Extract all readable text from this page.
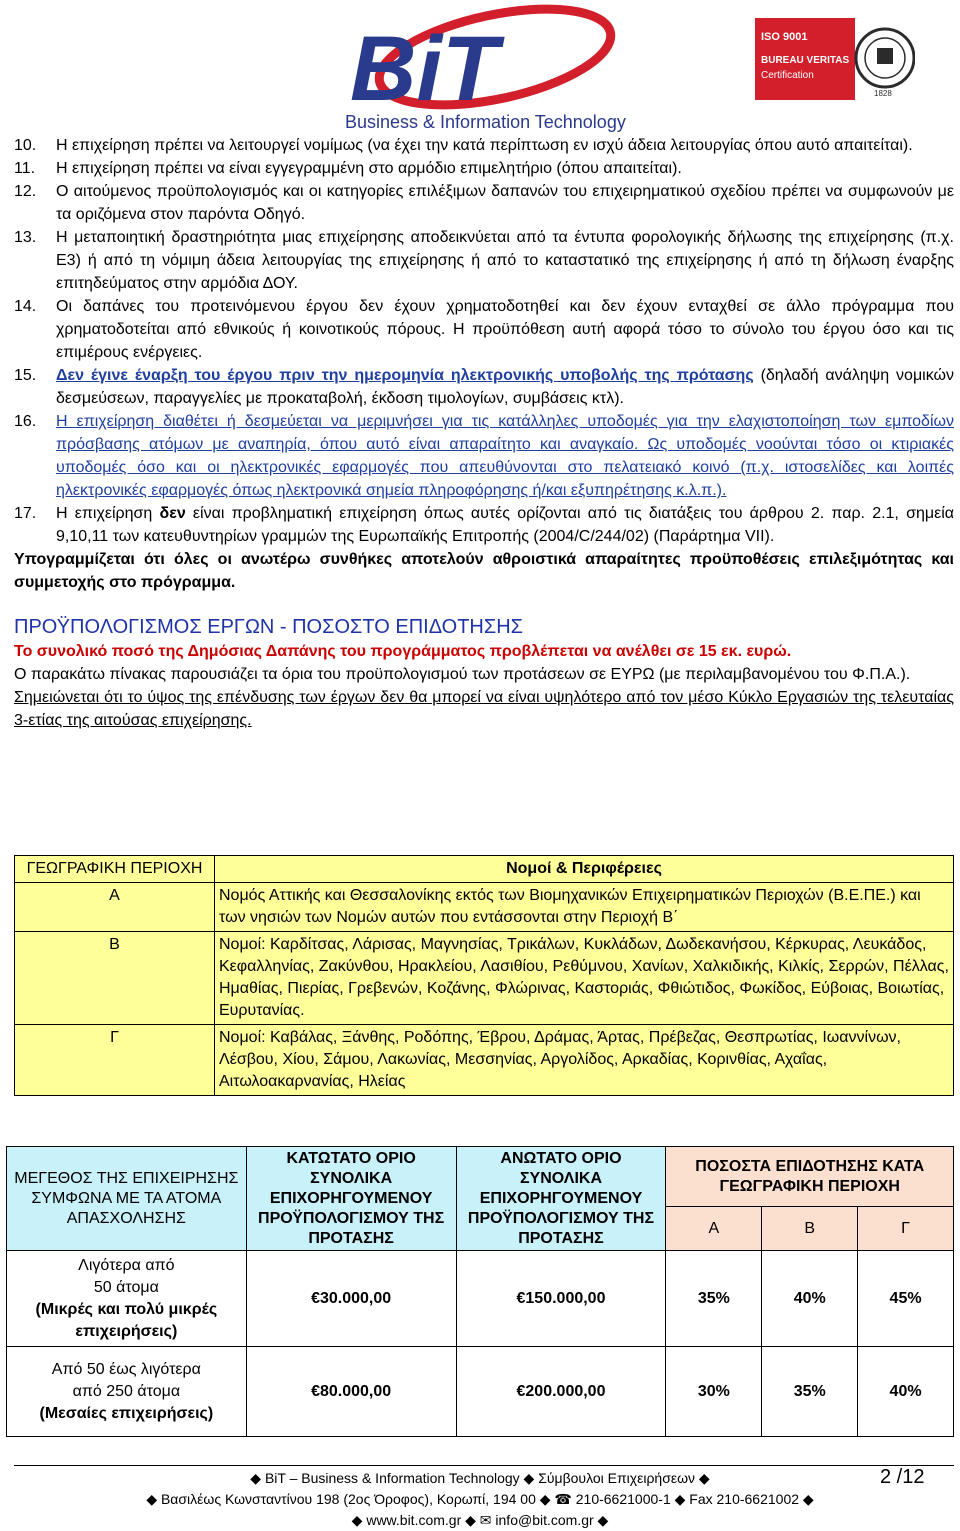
BiT
Business & Information Technology
ISO 9001
BUREAU VERITAS
Certification
1828
10.	Η επιχείρηση πρέπει να λειτουργεί νομίμως (να έχει την κατά περίπτωση εν ισχύ άδεια λειτουργίας όπου αυτό απαιτείται).
11.	Η επιχείρηση πρέπει να είναι εγγεγραμμένη στο αρμόδιο επιμελητήριο (όπου απαιτείται).
12.	Ο αιτούμενος προϋπολογισμός και οι κατηγορίες επιλέξιμων δαπανών του επιχειρηματικού σχεδίου πρέπει να συμφωνούν με τα οριζόμενα στον παρόντα Οδηγό.
13.	Η μεταποιητική δραστηριότητα μιας επιχείρησης αποδεικνύεται από τα έντυπα φορολογικής δήλωσης της επιχείρησης (π.χ. Ε3) ή από τη νόμιμη άδεια λειτουργίας της επιχείρησης ή από το καταστατικό της επιχείρησης ή από τη δήλωση έναρξης επιτηδεύματος στην αρμόδια ΔΟΥ.
14.	Οι δαπάνες του προτεινόμενου έργου δεν έχουν χρηματοδοτηθεί και δεν έχουν ενταχθεί σε άλλο πρόγραμμα που χρηματοδοτείται από εθνικούς ή κοινοτικούς πόρους. Η προϋπόθεση αυτή αφορά τόσο το σύνολο του έργου όσο και τις επιμέρους ενέργειες.
15.	Δεν έγινε έναρξη του έργου πριν την ημερομηνία ηλεκτρονικής υποβολής της πρότασης (δηλαδή ανάληψη νομικών δεσμεύσεων, παραγγελίες με προκαταβολή, έκδοση τιμολογίων, συμβάσεις κτλ).
16.	Η επιχείρηση διαθέτει ή δεσμεύεται να μεριμνήσει για τις κατάλληλες υποδομές για την ελαχιστοποίηση των εμποδίων πρόσβασης ατόμων με αναπηρία, όπου αυτό είναι απαραίτητο και αναγκαίο. Ως υποδομές νοούνται τόσο οι κτιριακές υποδομές όσο και οι ηλεκτρονικές εφαρμογές που απευθύνονται στο πελατειακό κοινό (π.χ. ιστοσελίδες και λοιπές ηλεκτρονικές εφαρμογές όπως ηλεκτρονικά σημεία πληροφόρησης ή/και εξυπηρέτησης κ.λ.π.).
17.	Η επιχείρηση δεν είναι προβληματική επιχείρηση όπως αυτές ορίζονται από τις διατάξεις του άρθρου 2. παρ. 2.1, σημεία 9,10,11 των κατευθυντηρίων γραμμών της Ευρωπαϊκής Επιτροπής (2004/C/244/02) (Παράρτημα VII).
Υπογραμμίζεται ότι όλες οι ανωτέρω συνθήκες αποτελούν αθροιστικά απαραίτητες προϋποθέσεις επιλεξιμότητας και συμμετοχής στο πρόγραμμα.
ΠΡΟΫΠΟΛΟΓΙΣΜΟΣ ΕΡΓΩΝ - ΠΟΣΟΣΤΟ ΕΠΙΔΟΤΗΣΗΣ
Το συνολικό ποσό της Δημόσιας Δαπάνης του προγράμματος προβλέπεται να ανέλθει σε 15 εκ. ευρώ.
Ο παρακάτω πίνακας παρουσιάζει τα όρια του προϋπολογισμού των προτάσεων σε ΕΥΡΩ (με περιλαμβανομένου του Φ.Π.Α.).
Σημειώνεται ότι το ύψος της επένδυσης των έργων δεν θα μπορεί να είναι υψηλότερο από τον μέσο Κύκλο Εργασιών της τελευταίας 3-ετίας της αιτούσας επιχείρησης.
ΓΕΩΓΡΑΦΙΚΗ ΠΕΡΙΟΧΗ	Νομοί & Περιφέρειες
Α	Νομός Αττικής και Θεσσαλονίκης εκτός των Βιομηχανικών Επιχειρηματικών Περιοχών (Β.Ε.ΠΕ.) και των νησιών των Νομών αυτών που εντάσσονται στην Περιοχή Β΄
Β	Νομοί: Καρδίτσας, Λάρισας, Μαγνησίας, Τρικάλων, Κυκλάδων, Δωδεκανήσου, Κέρκυρας, Λευκάδος, Κεφαλληνίας, Ζακύνθου, Ηρακλείου, Λασιθίου, Ρεθύμνου, Χανίων, Χαλκιδικής, Κιλκίς, Σερρών, Πέλλας, Ημαθίας, Πιερίας, Γρεβενών, Κοζάνης, Φλώρινας, Καστοριάς, Φθιώτιδος, Φωκίδος, Εύβοιας, Βοιωτίας, Ευρυτανίας.
Γ	Νομοί: Καβάλας, Ξάνθης, Ροδόπης, Έβρου, Δράμας, Άρτας, Πρέβεζας, Θεσπρωτίας, Ιωαννίνων, Λέσβου, Χίου, Σάμου, Λακωνίας, Μεσσηνίας, Αργολίδος, Αρκαδίας, Κορινθίας, Αχαΐας, Αιτωλοακαρνανίας, Ηλείας
ΜΕΓΕΘΟΣ ΤΗΣ ΕΠΙΧΕΙΡΗΣΗΣ ΣΥΜΦΩΝΑ ΜΕ ΤΑ ΑΤΟΜΑ ΑΠΑΣΧΟΛΗΣΗΣ	ΚΑΤΩΤΑΤΟ ΟΡΙΟ ΣΥΝΟΛΙΚΑ ΕΠΙΧΟΡΗΓΟΥΜΕΝΟΥ ΠΡΟΫΠΟΛΟΓΙΣΜΟΥ ΤΗΣ ΠΡΟΤΑΣΗΣ	ΑΝΩΤΑΤΟ ΟΡΙΟ ΣΥΝΟΛΙΚΑ ΕΠΙΧΟΡΗΓΟΥΜΕΝΟΥ ΠΡΟΫΠΟΛΟΓΙΣΜΟΥ ΤΗΣ ΠΡΟΤΑΣΗΣ	ΠΟΣΟΣΤΑ ΕΠΙΔΟΤΗΣΗΣ ΚΑΤΑ ΓΕΩΓΡΑΦΙΚΗ ΠΕΡΙΟΧΗ		
			Α	Β	Γ

Λιγότερα από
50 άτομα
(Μικρές και πολύ μικρές επιχειρήσεις)	€30.000,00	€150.000,00	35%	40%	45%

Από 50 έως λιγότερα
από 250 άτομα
(Μεσαίες επιχειρήσεις)	€80.000,00	€200.000,00	30%	35%	40%
◆ BiT – Business & Information Technology ◆ Σύμβουλοι Επιχειρήσεων ◆
◆ Βασιλέως Κωνσταντίνου 198 (2ος Όροφος), Κορωπί, 194 00 ◆ ☎ 210-6621000-1 ◆ Fax 210-6621002 ◆
◆ www.bit.com.gr ◆ ✉ info@bit.com.gr ◆
2 /12
